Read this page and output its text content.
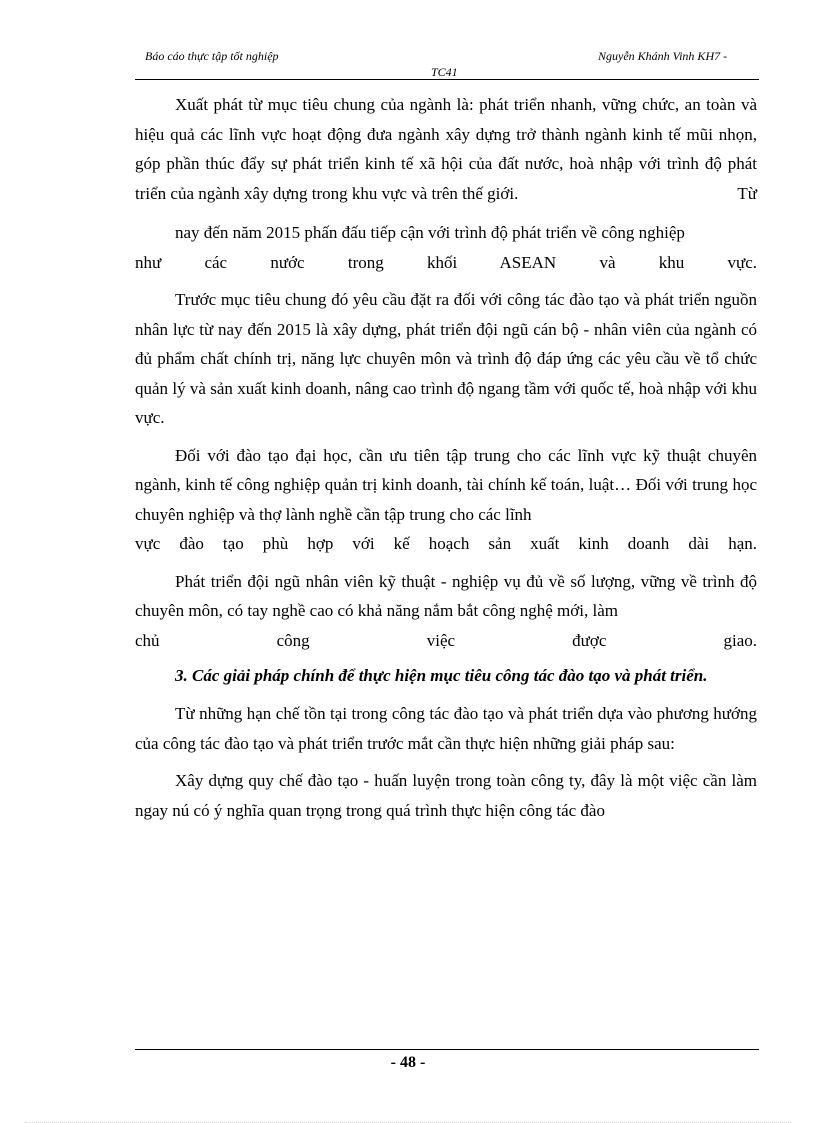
Báo cáo thực tập tốt nghiệp	Nguyễn Khánh Vinh KH7 -
TC41

Xuất phát từ mục tiêu chung của ngành là: phát triển nhanh, vững chức, an toàn và hiệu quả các lĩnh vực hoạt động đưa ngành xây dựng trở thành ngành kinh tế mũi nhọn, góp phần thúc đẩy sự phát triển kinh tế xã hội của đất nước, hoà nhập với trình độ phát triển của ngành xây dựng trong khu vực và trên thế giới.	Từ

nay đến năm 2015 phấn đấu tiếp cận với trình độ phát triển về công nghiệp
như các nước trong khối ASEAN và khu vực.

Trước mục tiêu chung đó yêu cầu đặt ra đối với công tác đào tạo và phát triển nguồn nhân lực từ nay đến 2015 là xây dựng, phát triển đội ngũ cán bộ - nhân viên của ngành có đủ phẩm chất chính trị, năng lực chuyên môn và trình độ đáp ứng các yêu cầu về tổ chức quản lý và sản xuất kinh doanh, nâng cao trình độ ngang tầm với quốc tế, hoà nhập với khu vực.

Đối với đào tạo đại học, cần ưu tiên tập trung cho các lĩnh vực kỹ thuật chuyên ngành, kinh tế công nghiệp quản trị kinh doanh, tài chính kế toán, luật… Đối với trung học chuyên nghiệp và thợ lành nghề cần tập trung cho các lĩnh

vực đào tạo phù hợp với kế hoạch sản xuất kinh doanh dài hạn.

Phát triển đội ngũ nhân viên kỹ thuật - nghiệp vụ đủ về số lượng, vững về trình độ chuyên môn, có tay nghề cao có khả năng nắm bắt công nghệ mới, làm

chủ công việc được giao.

3. Các giải pháp chính để thực hiện mục tiêu công tác đào tạo và phát triển.

Từ những hạn chế tồn tại trong công tác đào tạo và phát triển dựa vào phương hướng của công tác đào tạo và phát triển trước mắt cần thực hiện những giải pháp sau:

Xây dựng quy chế đào tạo - huấn luyện trong toàn công ty, đây là một việc cần làm ngay nú có ý nghĩa quan trọng trong quá trình thực hiện công tác đào

- 48 -
